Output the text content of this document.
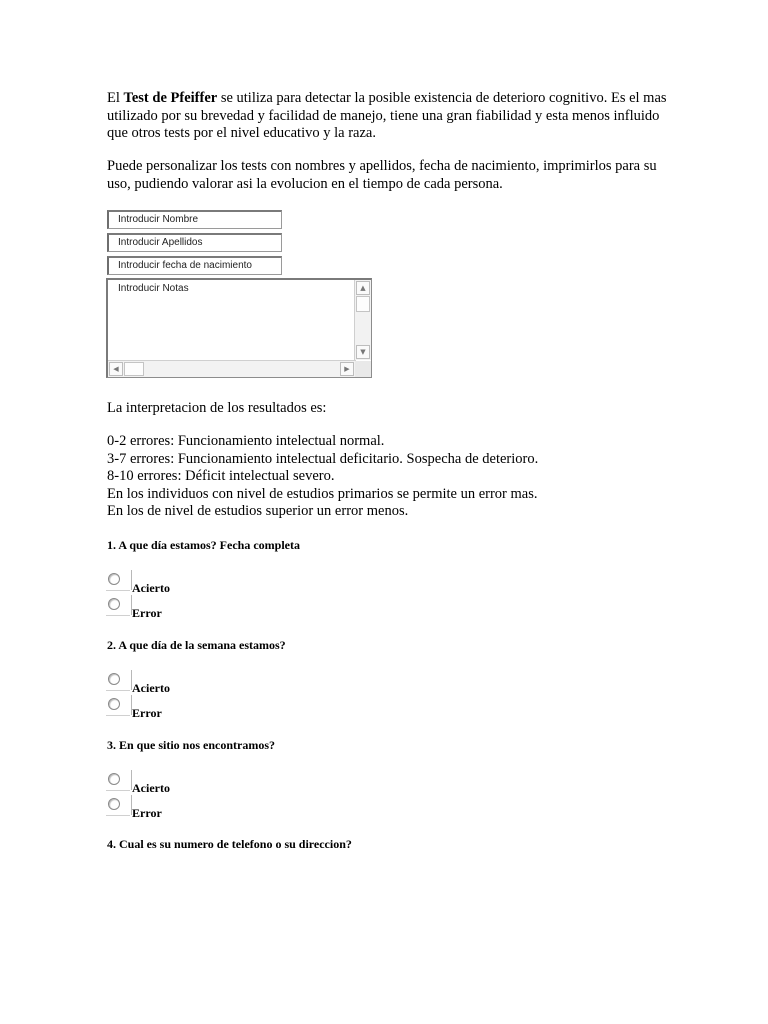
El Test de Pfeiffer se utiliza para detectar la posible existencia de deterioro cognitivo. Es el mas utilizado por su brevedad y facilidad de manejo, tiene una gran fiabilidad y esta menos influido que otros tests por el nivel educativo y la raza.

Puede personalizar los tests con nombres y apellidos, fecha de nacimiento, imprimirlos para su uso, pudiendo valorar asi la evolucion en el tiempo de cada persona.

Introducir Nombre
Introducir Apellidos
Introducir fecha de nacimiento
Introducir Notas	▲
▼
◀	▶

La interpretacion de los resultados es:

0-2 errores: Funcionamiento intelectual normal.

3-7 errores: Funcionamiento intelectual deficitario. Sospecha de deterioro.

8-10 errores: Déficit intelectual severo.

En los individuos con nivel de estudios primarios se permite un error mas.

En los de nivel de estudios superior un error menos.

1. A que día estamos? Fecha completa

Acierto
Error

2. A que día de la semana estamos?

Acierto
Error

3. En que sitio nos encontramos?

Acierto
Error

4. Cual es su numero de telefono o su direccion?
